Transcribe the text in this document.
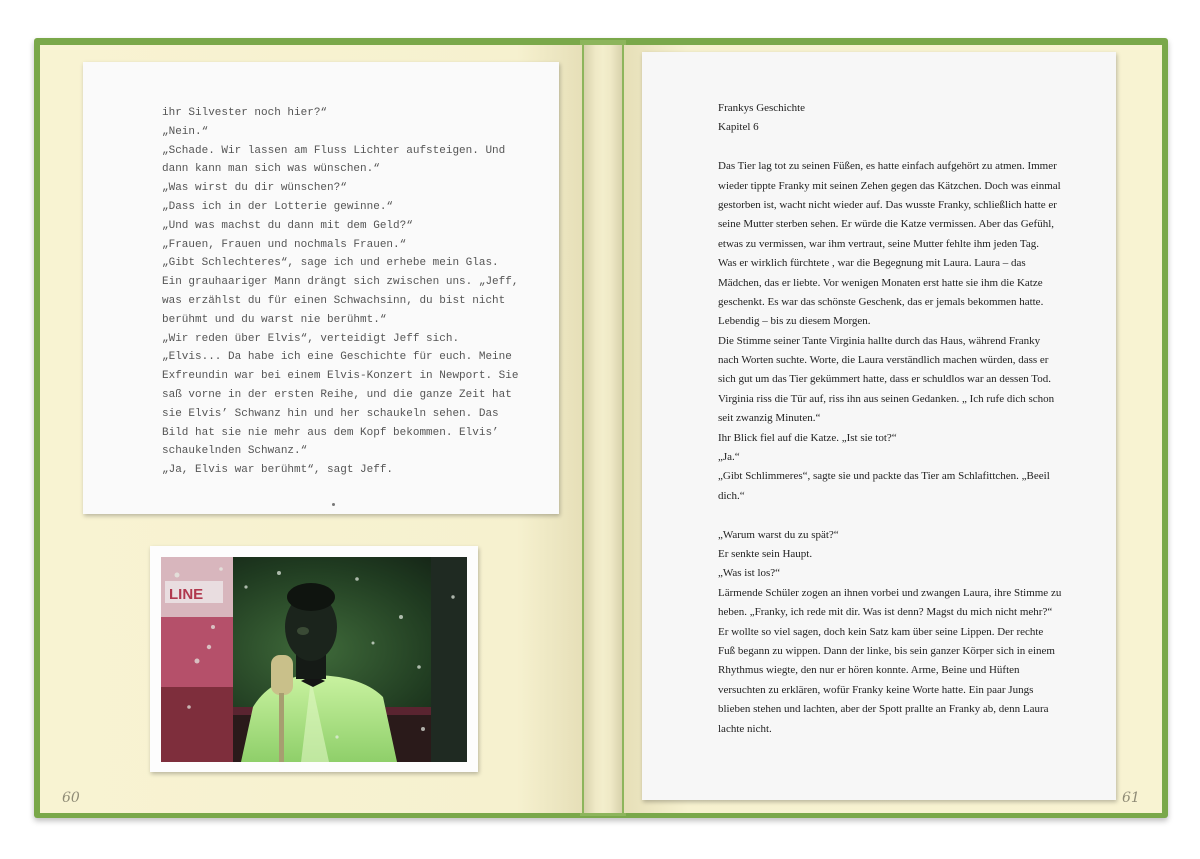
ihr Silvester noch hier?“
„Nein.“
„Schade. Wir lassen am Fluss Lichter aufsteigen. Und
dann kann man sich was wünschen.“
„Was wirst du dir wünschen?“
„Dass ich in der Lotterie gewinne.“
„Und was machst du dann mit dem Geld?“
„Frauen, Frauen und nochmals Frauen.“
„Gibt Schlechteres“, sage ich und erhebe mein Glas.
Ein grauhaariger Mann drängt sich zwischen uns. „Jeff,
was erzählst du für einen Schwachsinn, du bist nicht
berühmt und du warst nie berühmt.“
„Wir reden über Elvis“, verteidigt Jeff sich.
„Elvis... Da habe ich eine Geschichte für euch. Meine
Exfreundin war bei einem Elvis-Konzert in Newport. Sie
saß vorne in der ersten Reihe, und die ganze Zeit hat
sie Elvis’ Schwanz hin und her schaukeln sehen. Das
Bild hat sie nie mehr aus dem Kopf bekommen. Elvis’
schaukelnden Schwanz.“
„Ja, Elvis war berühmt“, sagt Jeff.
LINE
Frankys Geschichte
Kapitel 6
Das Tier lag tot zu seinen Füßen, es hatte einfach aufgehört zu atmen. Immer
wieder tippte Franky mit seinen Zehen gegen das Kätzchen. Doch was einmal
gestorben ist, wacht nicht wieder auf. Das wusste Franky, schließlich hatte er
seine Mutter sterben sehen. Er würde die Katze vermissen. Aber das Gefühl,
etwas zu vermissen, war ihm vertraut, seine Mutter fehlte ihm jeden Tag.
Was er wirklich fürchtete , war die Begegnung mit Laura. Laura – das
Mädchen, das er liebte. Vor wenigen Monaten erst hatte sie ihm die Katze
geschenkt. Es war das schönste Geschenk, das er jemals bekommen hatte.
Lebendig – bis zu diesem Morgen.
Die Stimme seiner Tante Virginia hallte durch das Haus, während Franky
nach Worten suchte. Worte, die Laura verständlich machen würden, dass er
sich gut um das Tier gekümmert hatte, dass er schuldlos war an dessen Tod.
Virginia riss die Tür auf, riss ihn aus seinen Gedanken. „ Ich rufe dich schon
seit zwanzig Minuten.“
Ihr Blick fiel auf die Katze. „Ist sie tot?“
„Ja.“
„Gibt Schlimmeres“, sagte sie und packte das Tier am Schlafittchen. „Beeil
dich.“
„Warum warst du zu spät?“
Er senkte sein Haupt.
„Was ist los?“
Lärmende Schüler zogen an ihnen vorbei und zwangen Laura, ihre Stimme zu
heben. „Franky, ich rede mit dir. Was ist denn? Magst du mich nicht mehr?“
Er wollte so viel sagen, doch kein Satz kam über seine Lippen. Der rechte
Fuß begann zu wippen. Dann der linke, bis sein ganzer Körper sich in einem
Rhythmus wiegte, den nur er hören konnte. Arme, Beine und Hüften
versuchten zu erklären, wofür Franky keine Worte hatte. Ein paar Jungs
blieben stehen und lachten, aber der Spott prallte an Franky ab, denn Laura
lachte nicht.
60	61
